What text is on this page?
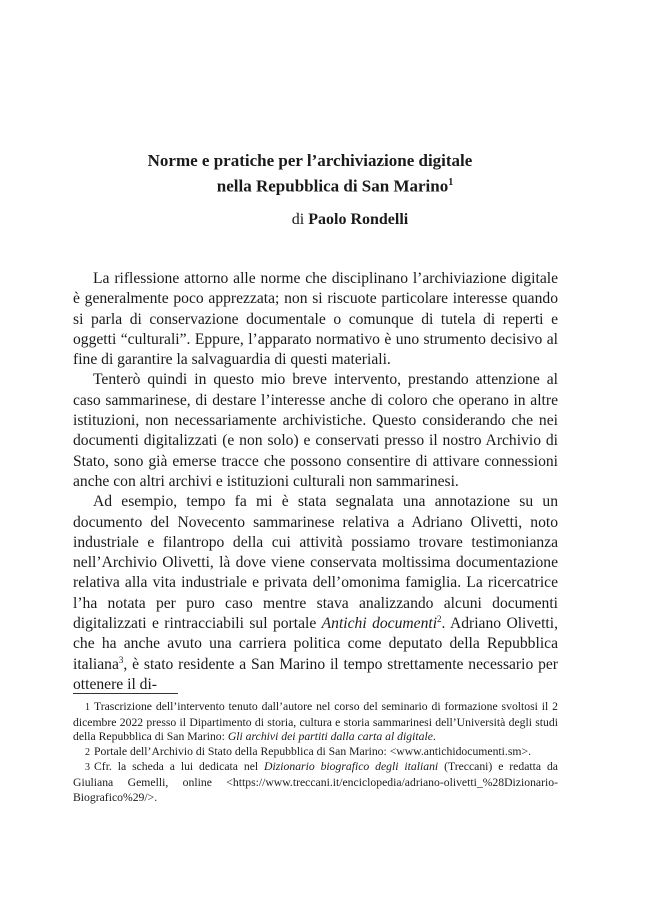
Norme e pratiche per l’archiviazione digitale
nella Repubblica di San Marino$^1$
di Paolo Rondelli

La riflessione attorno alle norme che disciplinano l’archiviazione digitale è generalmente poco apprezzata; non si riscuote particolare interesse quando si parla di conservazione documentale o comunque di tutela di reperti e oggetti “culturali”. Eppure, l’apparato normativo è uno strumento decisivo al fine di garantire la salvaguardia di questi materiali.

Tenterò quindi in questo mio breve intervento, prestando attenzione al caso sammarinese, di destare l’interesse anche di coloro che operano in altre istituzioni, non necessariamente archivistiche. Questo considerando che nei documenti digitalizzati (e non solo) e conservati presso il nostro Archivio di Stato, sono già emerse tracce che possono consentire di attivare connessioni anche con altri archivi e istituzioni culturali non sammarinesi.

Ad esempio, tempo fa mi è stata segnalata una annotazione su un documento del Novecento sammarinese relativa a Adriano Olivetti, noto industriale e filantropo della cui attività possiamo trovare testimonianza nell’Archivio Olivetti, là dove viene conservata moltissima documentazione relativa alla vita industriale e privata dell’omonima famiglia. La ricercatrice l’ha notata per puro caso mentre stava analizzando alcuni documenti digitalizzati e rintracciabili sul portale Antichi documenti$^2$. Adriano Olivetti, che ha anche avuto una carriera politica come deputato della Repubblica italiana$^3$, è stato residente a San Marino il tempo strettamente necessario per ottenere il di-

1 Trascrizione dell’intervento tenuto dall’autore nel corso del seminario di formazione svoltosi il 2 dicembre 2022 presso il Dipartimento di storia, cultura e storia sammarinesi dell’Università degli studi della Repubblica di San Marino: Gli archivi dei partiti dalla carta al digitale.

2 Portale dell’Archivio di Stato della Repubblica di San Marino: <www.antichidocumenti.sm>.

3 Cfr. la scheda a lui dedicata nel Dizionario biografico degli italiani (Treccani) e redatta da Giuliana Gemelli, online <https://www.treccani.it/enciclopedia/adriano-olivetti_%28Dizionario-Biografico%29/>.
